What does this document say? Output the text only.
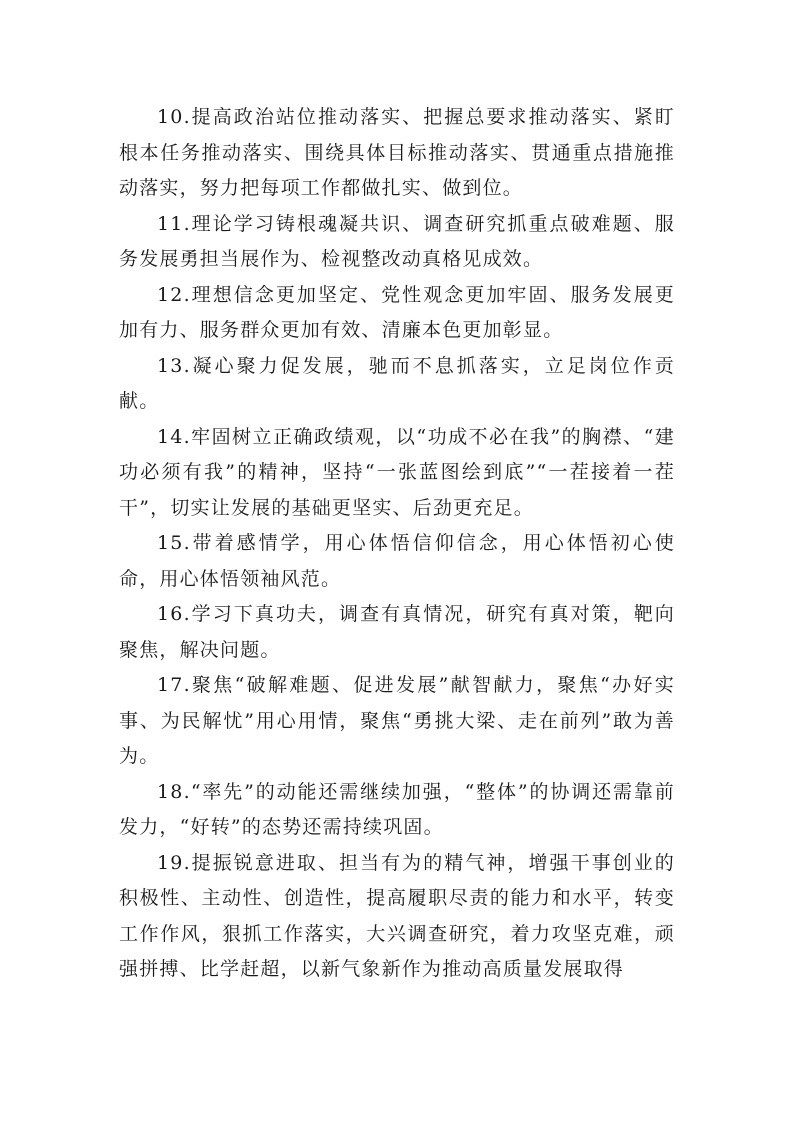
10.提高政治站位推动落实、把握总要求推动落实、紧盯根本任务推动落实、围绕具体目标推动落实、贯通重点措施推动落实，努力把每项工作都做扎实、做到位。

11.理论学习铸根魂凝共识、调查研究抓重点破难题、服务发展勇担当展作为、检视整改动真格见成效。

12.理想信念更加坚定、党性观念更加牢固、服务发展更加有力、服务群众更加有效、清廉本色更加彰显。

13.凝心聚力促发展，驰而不息抓落实，立足岗位作贡献。

14.牢固树立正确政绩观，以“功成不必在我”的胸襟、“建功必须有我”的精神，坚持“一张蓝图绘到底”“一茬接着一茬干”，切实让发展的基础更坚实、后劲更充足。

15.带着感情学，用心体悟信仰信念，用心体悟初心使命，用心体悟领袖风范。

16.学习下真功夫，调查有真情况，研究有真对策，靶向聚焦，解决问题。

17.聚焦“破解难题、促进发展”献智献力，聚焦“办好实事、为民解忧”用心用情，聚焦“勇挑大梁、走在前列”敢为善为。

18.“率先”的动能还需继续加强，“整体”的协调还需靠前发力，“好转”的态势还需持续巩固。

19.提振锐意进取、担当有为的精气神，增强干事创业的积极性、主动性、创造性，提高履职尽责的能力和水平，转变工作作风，狠抓工作落实，大兴调查研究，着力攻坚克难，顽强拼搏、比学赶超，以新气象新作为推动高质量发展取得
